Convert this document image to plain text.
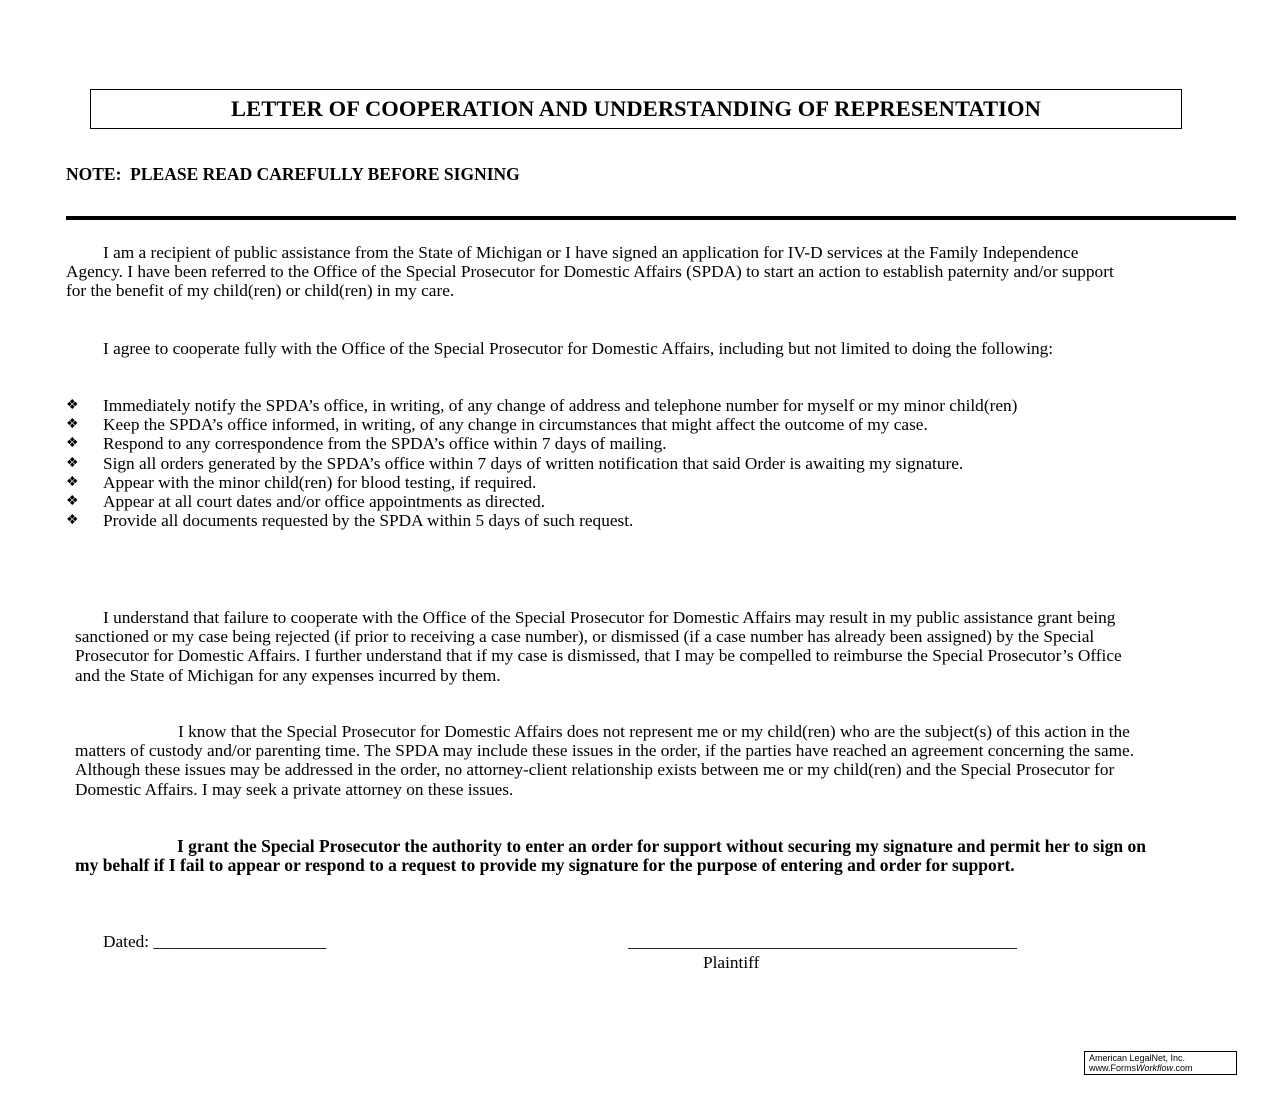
LETTER OF COOPERATION AND UNDERSTANDING OF REPRESENTATION
NOTE:  PLEASE READ CAREFULLY BEFORE SIGNING

I am a recipient of public assistance from the State of Michigan or I have signed an application for IV-D services at the Family Independence Agency. I have been referred to the Office of the Special Prosecutor for Domestic Affairs (SPDA) to start an action to establish paternity and/or support for the benefit of my child(ren) or child(ren) in my care.

I agree to cooperate fully with the Office of the Special Prosecutor for Domestic Affairs, including but not limited to doing the following:

❖ Immediately notify the SPDA’s office, in writing, of any change of address and telephone number for myself or my minor child(ren)
❖ Keep the SPDA’s office informed, in writing, of any change in circumstances that might affect the outcome of my case.
❖ Respond to any correspondence from the SPDA’s office within 7 days of mailing.
❖ Sign all orders generated by the SPDA’s office within 7 days of written notification that said Order is awaiting my signature.
❖ Appear with the minor child(ren) for blood testing, if required.
❖ Appear at all court dates and/or office appointments as directed.
❖ Provide all documents requested by the SPDA within 5 days of such request.

I understand that failure to cooperate with the Office of the Special Prosecutor for Domestic Affairs may result in my public assistance grant being sanctioned or my case being rejected (if prior to receiving a case number), or dismissed (if a case number has already been assigned) by the Special Prosecutor for Domestic Affairs. I further understand that if my case is dismissed, that I may be compelled to reimburse the Special Prosecutor’s Office and the State of Michigan for any expenses incurred by them.

I know that the Special Prosecutor for Domestic Affairs does not represent me or my child(ren) who are the subject(s) of this action in the matters of custody and/or parenting time. The SPDA may include these issues in the order, if the parties have reached an agreement concerning the same. Although these issues may be addressed in the order, no attorney-client relationship exists between me or my child(ren) and the Special Prosecutor for Domestic Affairs. I may seek a private attorney on these issues.

I grant the Special Prosecutor the authority to enter an order for support without securing my signature and permit her to sign on my behalf if I fail to appear or respond to a request to provide my signature for the purpose of entering and order for support.

Dated: ____________________	_____________________________________________
Plaintiff
American LegalNet, Inc.
www.FormsWorkflow.com
